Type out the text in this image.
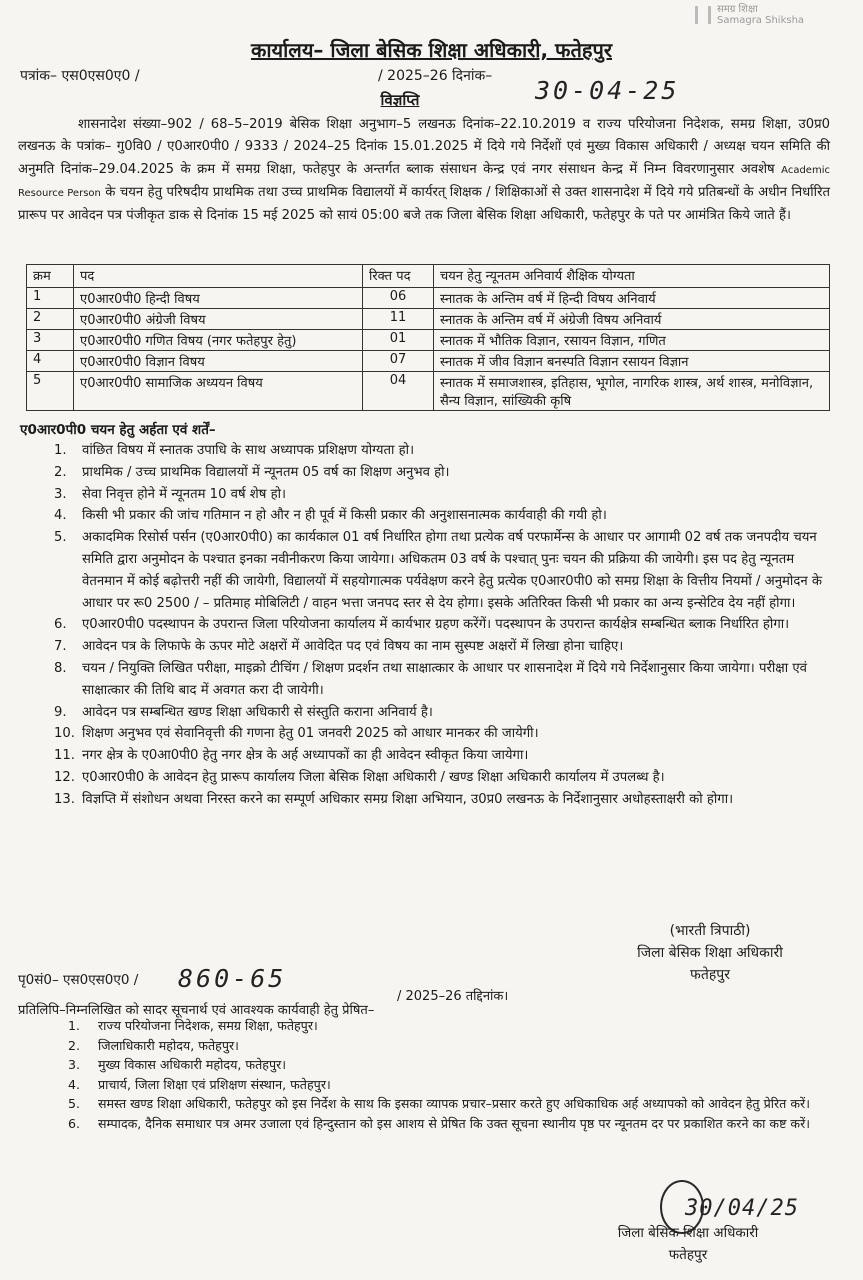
समग्र शिक्षा
Samagra Shiksha
कार्यालय– जिला बेसिक शिक्षा अधिकारी, फतेहपुर
पत्रांक– एस0एस0ए0 /	/ 2025–26 दिनांक– 30-04-25
विज्ञप्ति
शासनादेश संख्या–902 / 68–5–2019 बेसिक शिक्षा अनुभाग–5 लखनऊ दिनांक–22.10.2019 व राज्य परियोजना निदेशक, समग्र शिक्षा, उ0प्र0 लखनऊ के पत्रांक– गु0वि0 / ए0आर0पी0 / 9333 / 2024–25 दिनांक 15.01.2025 में दिये गये निर्देशों एवं मुख्य विकास अधिकारी / अध्यक्ष चयन समिति की अनुमति दिनांक–29.04.2025 के क्रम में समग्र शिक्षा, फतेहपुर के अन्तर्गत ब्लाक संसाधन केन्द्र एवं नगर संसाधन केन्द्र में निम्न विवरणानुसार अवशेष Academic Resource Person के चयन हेतु परिषदीय प्राथमिक तथा उच्च प्राथमिक विद्यालयों में कार्यरत् शिक्षक / शिक्षिकाओं से उक्त शासनादेश में दिये गये प्रतिबन्धों के अधीन निर्धारित प्रारूप पर आवेदन पत्र पंजीकृत डाक से दिनांक 15 मई 2025 को सायं 05:00 बजे तक जिला बेसिक शिक्षा अधिकारी, फतेहपुर के पते पर आमंत्रित किये जाते हैं।
क्रम	पद	रिक्त पद	चयन हेतु न्यूनतम अनिवार्य शैक्षिक योग्यता
1	ए0आर0पी0 हिन्दी विषय	06	स्नातक के अन्तिम वर्ष में हिन्दी विषय अनिवार्य
2	ए0आर0पी0 अंग्रेजी विषय	11	स्नातक के अन्तिम वर्ष में अंग्रेजी विषय अनिवार्य
3	ए0आर0पी0 गणित विषय (नगर फतेहपुर हेतु)	01	स्नातक में भौतिक विज्ञान, रसायन विज्ञान, गणित
4	ए0आर0पी0 विज्ञान विषय	07	स्नातक में जीव विज्ञान बनस्पति विज्ञान रसायन विज्ञान
5	ए0आर0पी0 सामाजिक अध्ययन विषय	04	स्नातक में समाजशास्त्र, इतिहास, भूगोल, नागरिक शास्त्र, अर्थ शास्त्र, मनोविज्ञान, सैन्य विज्ञान, सांख्यिकी कृषि
ए0आर0पी0 चयन हेतु अर्हता एवं शर्तें–
1.	वांछित विषय में स्नातक उपाधि के साथ अध्यापक प्रशिक्षण योग्यता हो।
2.	प्राथमिक / उच्च प्राथमिक विद्यालयों में न्यूनतम 05 वर्ष का शिक्षण अनुभव हो।
3.	सेवा निवृत्त होने में न्यूनतम 10 वर्ष शेष हो।
4.	किसी भी प्रकार की जांच गतिमान न हो और न ही पूर्व में किसी प्रकार की अनुशासनात्मक कार्यवाही की गयी हो।
5.	अकादमिक रिसोर्स पर्सन (ए0आर0पी0) का कार्यकाल 01 वर्ष निर्धारित होगा तथा प्रत्येक वर्ष परफार्मेन्स के आधार पर आगामी 02 वर्ष तक जनपदीय चयन समिति द्वारा अनुमोदन के पश्चात इनका नवीनीकरण किया जायेगा। अधिकतम 03 वर्ष के पश्चात् पुनः चयन की प्रक्रिया की जायेगी। इस पद हेतु न्यूनतम वेतनमान में कोई बढ़ोत्तरी नहीं की जायेगी, विद्यालयों में सहयोगात्मक पर्यवेक्षण करने हेतु प्रत्येक ए0आर0पी0 को समग्र शिक्षा के वित्तीय नियमों / अनुमोदन के आधार पर रू0 2500 / – प्रतिमाह मोबिलिटी / वाहन भत्ता जनपद स्तर से देय होगा। इसके अतिरिक्त किसी भी प्रकार का अन्य इन्सेटिव देय नहीं होगा।
6.	ए0आर0पी0 पदस्थापन के उपरान्त जिला परियोजना कार्यालय में कार्यभार ग्रहण करेंगें। पदस्थापन के उपरान्त कार्यक्षेत्र सम्बन्धित ब्लाक निर्धारित होगा।
7.	आवेदन पत्र के लिफाफे के ऊपर मोटे अक्षरों में आवेदित पद एवं विषय का नाम सुस्पष्ट अक्षरों में लिखा होना चाहिए।
8.	चयन / नियुक्ति लिखित परीक्षा, माइक्रो टीचिंग / शिक्षण प्रदर्शन तथा साक्षात्कार के आधार पर शासनादेश में दिये गये निर्देशानुसार किया जायेगा। परीक्षा एवं साक्षात्कार की तिथि बाद में अवगत करा दी जायेगी।
9.	आवेदन पत्र सम्बन्धित खण्ड शिक्षा अधिकारी से संस्तुति कराना अनिवार्य है।
10. शिक्षण अनुभव एवं सेवानिवृत्ती की गणना हेतु 01 जनवरी 2025 को आधार मानकर की जायेगी।
11. नगर क्षेत्र के ए0आ0पी0 हेतु नगर क्षेत्र के अर्ह अध्यापकों का ही आवेदन स्वीकृत किया जायेगा।
12. ए0आर0पी0 के आवेदन हेतु प्रारूप कार्यालय जिला बेसिक शिक्षा अधिकारी / खण्ड शिक्षा अधिकारी कार्यालय में उपलब्ध है।
13. विज्ञप्ति में संशोधन अथवा निरस्त करने का सम्पूर्ण अधिकार समग्र शिक्षा अभियान, उ0प्र0 लखनऊ के निर्देशानुसार अधोहस्ताक्षरी को होगा।
(भारती त्रिपाठी)
जिला बेसिक शिक्षा अधिकारी
फतेहपुर
पृ0सं0– एस0एस0ए0 / 860-65
/ 2025–26 तद्दिनांक।
प्रतिलिपि–निम्नलिखित को सादर सूचनार्थ एवं आवश्यक कार्यवाही हेतु प्रेषित–
1.	राज्य परियोजना निदेशक, समग्र शिक्षा, फतेहपुर।
2.	जिलाधिकारी महोदय, फतेहपुर।
3.	मुख्य विकास अधिकारी महोदय, फतेहपुर।
4.	प्राचार्य, जिला शिक्षा एवं प्रशिक्षण संस्थान, फतेहपुर।
5.	समस्त खण्ड शिक्षा अधिकारी, फतेहपुर को इस निर्देश के साथ कि इसका व्यापक प्रचार–प्रसार करते हुए अधिकाधिक अर्ह अध्यापको को आवेदन हेतु प्रेरित करें।
6.	सम्पादक, दैनिक समाधार पत्र अमर उजाला एवं हिन्दुस्तान को इस आशय से प्रेषित कि उक्त सूचना स्थानीय पृष्ठ पर न्यूनतम दर पर प्रकाशित करने का कष्ट करें।
30/04/25
जिला बेसिक शिक्षा अधिकारी
फतेहपुर
